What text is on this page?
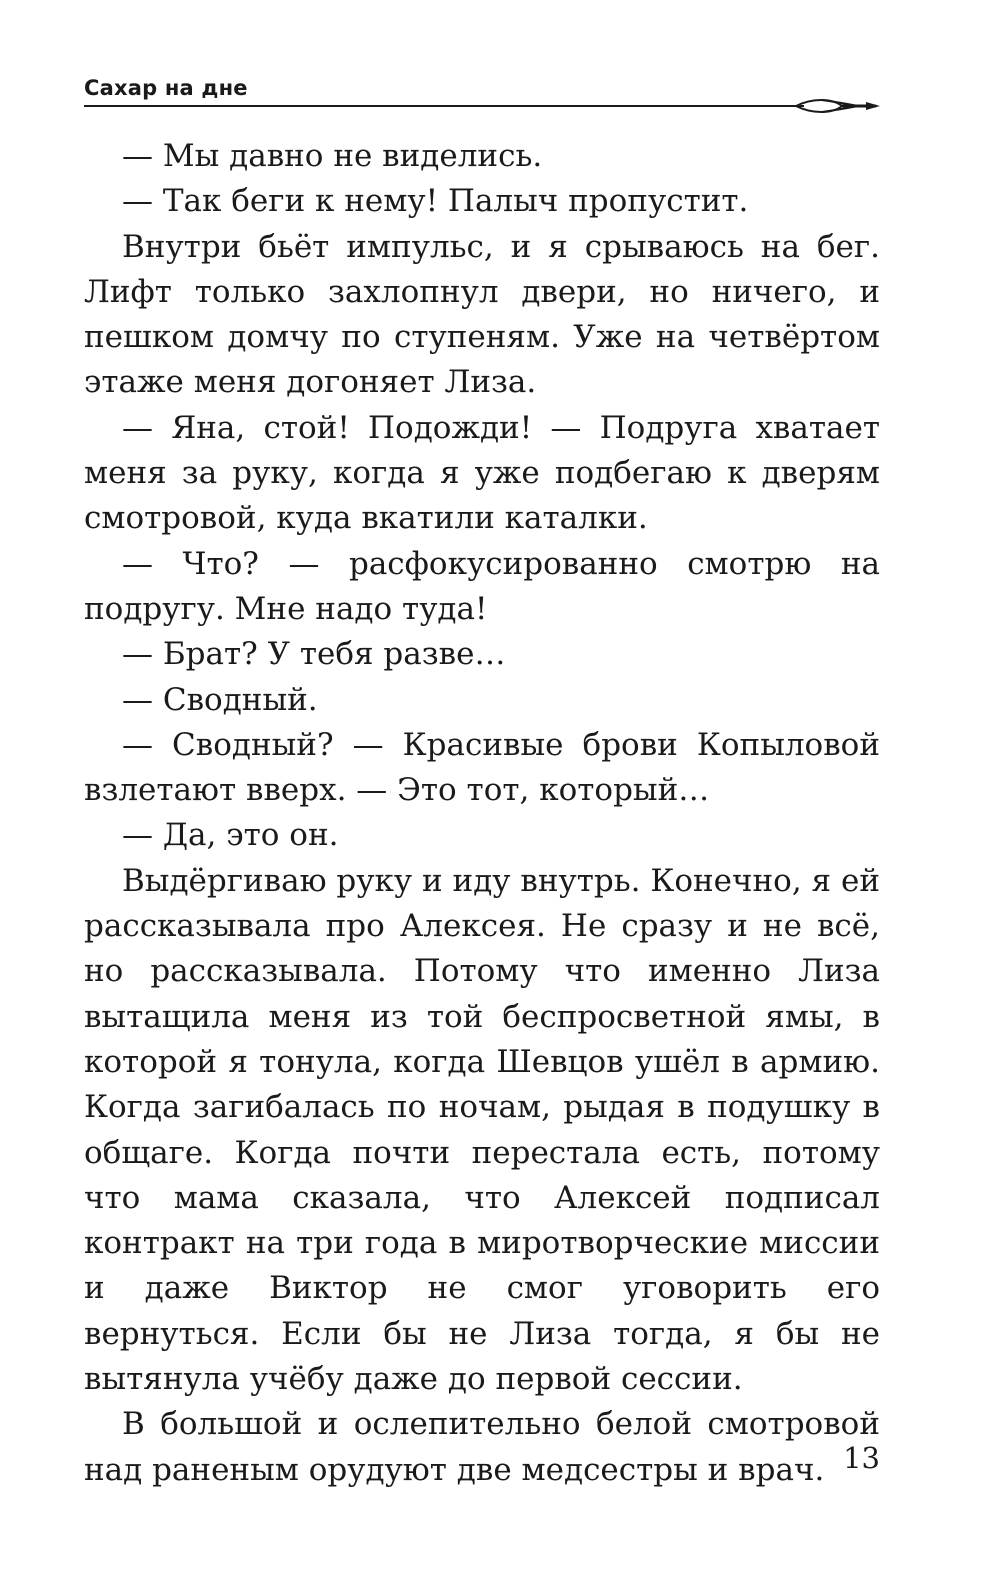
Сахар на дне

— Мы давно не виделись.

— Так беги к нему! Палыч пропустит.

Внутри бьёт импульс, и я срываюсь на бег. Лифт только захлопнул двери, но ничего, и пешком домчу по ступеням. Уже на четвёртом этаже меня догоняет Лиза.

— Яна, стой! Подожди! — Подруга хватает меня за руку, когда я уже подбегаю к дверям смотровой, куда вкатили каталки.

— Что? — расфокусированно смотрю на подругу. Мне надо туда!

— Брат? У тебя разве…

— Сводный.

— Сводный? — Красивые брови Копыловой взлетают вверх. — Это тот, который…

— Да, это он.

Выдёргиваю руку и иду внутрь. Конечно, я ей рассказывала про Алексея. Не сразу и не всё, но рассказывала. Потому что именно Лиза вытащила меня из той беспросветной ямы, в которой я тонула, когда Шевцов ушёл в армию. Когда загибалась по ночам, рыдая в подушку в общаге. Когда почти перестала есть, потому что мама сказала, что Алексей подписал контракт на три года в миротворческие миссии и даже Виктор не смог уговорить его вернуться. Если бы не Лиза тогда, я бы не вытянула учёбу даже до первой сессии.

В большой и ослепительно белой смотровой над раненым орудуют две медсестры и врач. 13
